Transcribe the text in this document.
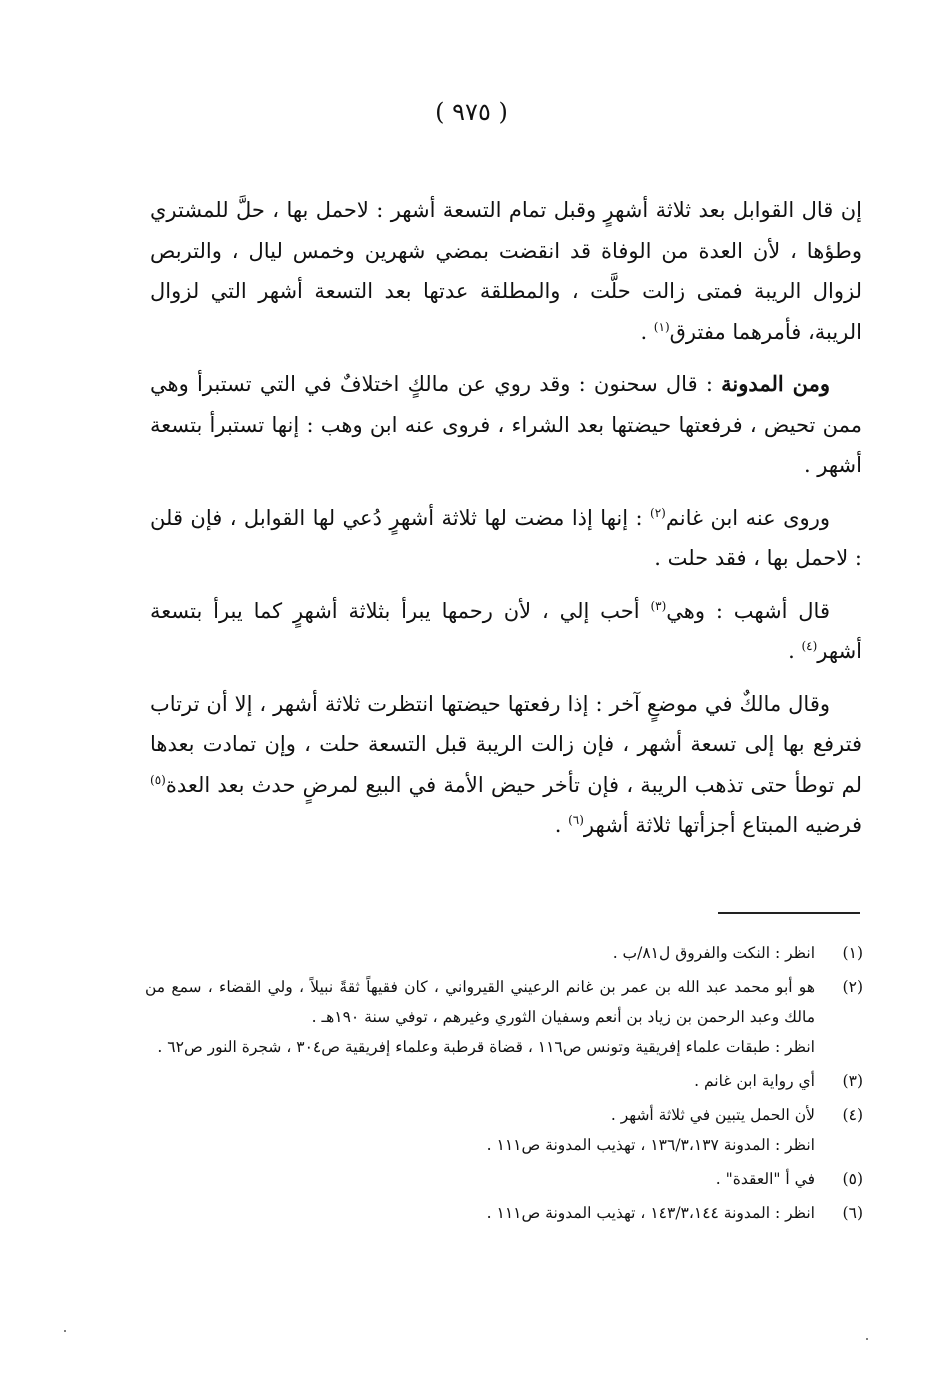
( ٩٧٥ )

إن قال القوابل بعد ثلاثة أشهرٍ وقبل تمام التسعة أشهر : لاحمل بها ، حلَّ للمشتري وطؤها ، لأن العدة من الوفاة قد انقضت بمضي شهرين وخمس ليال ، والتربص لزوال الريبة فمتى زالت حلَّت ، والمطلقة عدتها بعد التسعة أشهر التي لزوال الريبة، فأمرهما مفترق$^{(١)}$ .

ومن المدونة : قال سحنون : وقد روي عن مالكٍ اختلافٌ في التي تستبرأ وهي ممن تحيض ، فرفعتها حيضتها بعد الشراء ، فروى عنه ابن وهب : إنها تستبرأ بتسعة أشهر .

وروى عنه ابن غانم$^{(٢)}$ : إنها إذا مضت لها ثلاثة أشهرٍ دُعي لها القوابل ، فإن قلن : لاحمل بها ، فقد حلت .

قال أشهب : وهي$^{(٣)}$ أحب إلي ، لأن رحمها يبرأ بثلاثة أشهرٍ كما يبرأ بتسعة أشهر$^{(٤)}$ .

وقال مالكٌ في موضعٍ آخر : إذا رفعتها حيضتها انتظرت ثلاثة أشهر ، إلا أن ترتاب فترفع بها إلى تسعة أشهر ، فإن زالت الريبة قبل التسعة حلت ، وإن تمادت بعدها لم توطأ حتى تذهب الريبة ، فإن تأخر حيض الأمة في البيع لمرضٍ حدث بعد العدة$^{(٥)}$ فرضيه المبتاع أجزأتها ثلاثة أشهر$^{(٦)}$ .

(١)
انظر : النكت والفروق ل٨١/ب .
(٢)
هو أبو محمد عبد الله بن عمر بن غانم الرعيني القيرواني ، كان فقيهاً ثقةً نبيلاً ، ولي القضاء ، سمع من مالك وعبد الرحمن بن زياد بن أنعم وسفيان الثوري وغيرهم ، توفي سنة ١٩٠هـ .
انظر : طبقات علماء إفريقية وتونس ص١١٦ ، قضاة قرطبة وعلماء إفريقية ص٣٠٤ ، شجرة النور ص٦٢ .
(٣)
أي رواية ابن غانم .
(٤)
لأن الحمل يتبين في ثلاثة أشهر .
انظر : المدونة ١٣٦/٣،١٣٧ ، تهذيب المدونة ص١١١ .
(٥)
في أ "العقدة" .
(٦)
انظر : المدونة ١٤٣/٣،١٤٤ ، تهذيب المدونة ص١١١ .
